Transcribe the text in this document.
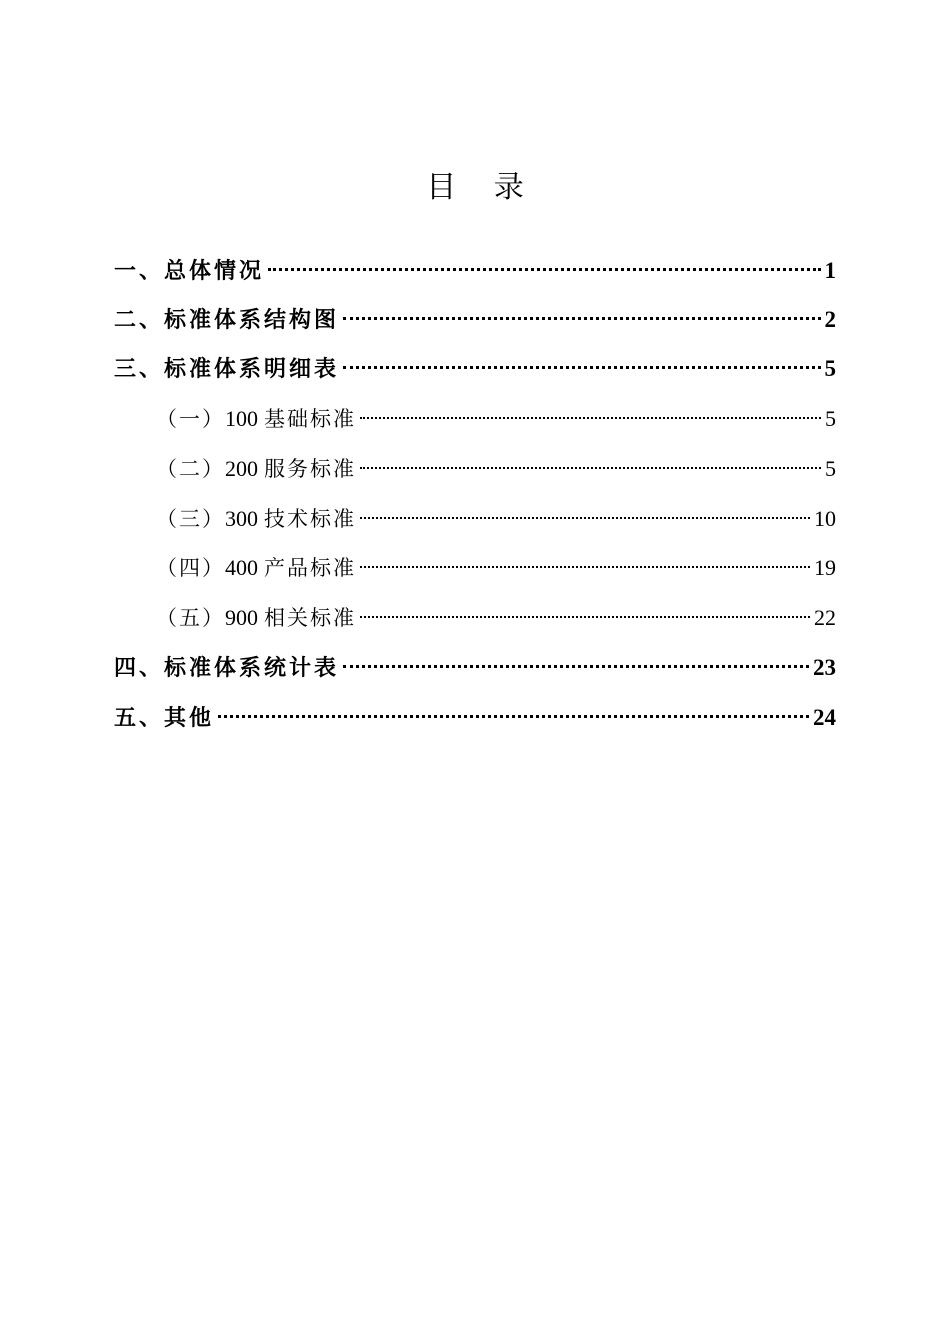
目 录
一、总体情况	1
二、标准体系结构图	2
三、标准体系明细表	5
（一） 100 基础标准	5
（二） 200 服务标准	5
（三） 300 技术标准	10
（四） 400 产品标准	19
（五） 900 相关标准	22
四、标准体系统计表	23
五、其他	24
